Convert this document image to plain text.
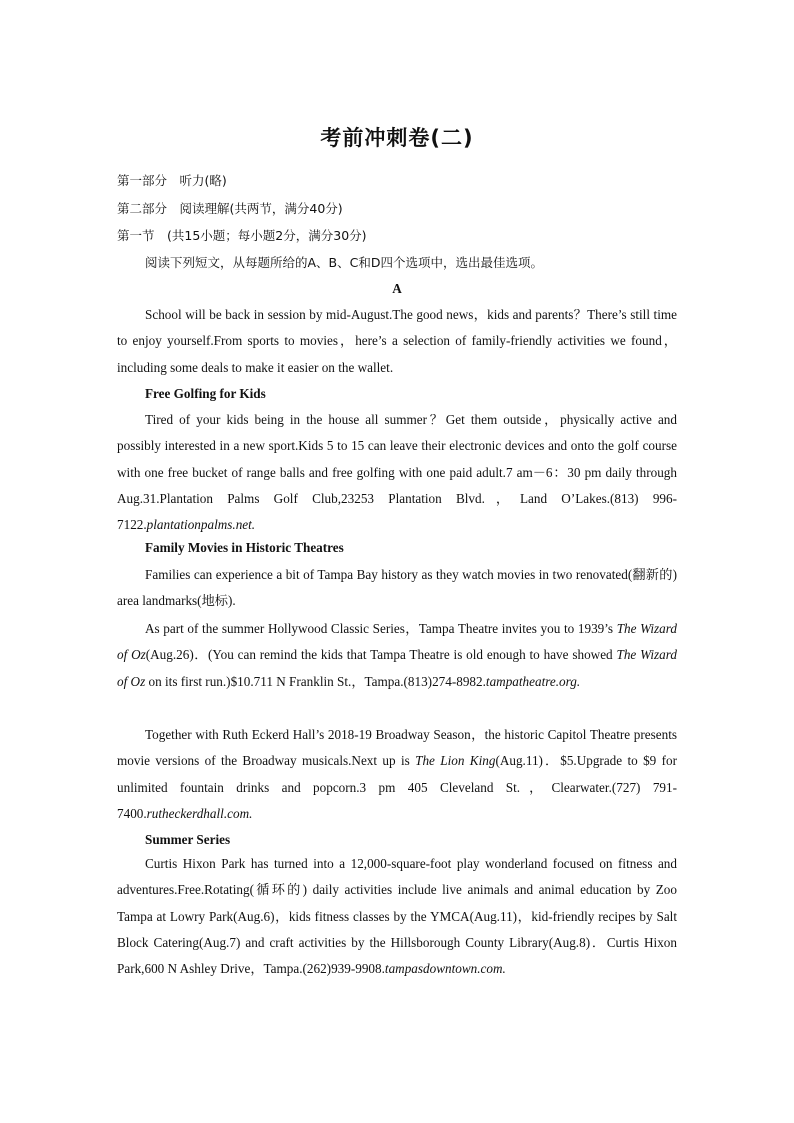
考前冲刺卷(二)
第一部分　听力(略)
第二部分　阅读理解(共两节，满分40分)
第一节　(共15小题；每小题2分，满分30分)
阅读下列短文，从每题所给的A、B、C和D四个选项中，选出最佳选项。
A
School will be back in session by mid-August.The good news，kids and parents？There’s still time to enjoy yourself.From sports to movies，here’s a selection of family-friendly activities we found，including some deals to make it easier on the wallet.
Free Golfing for Kids
Tired of your kids being in the house all summer？Get them outside，physically active and possibly interested in a new sport.Kids 5 to 15 can leave their electronic devices and onto the golf course with one free bucket of range balls and free golfing with one paid adult.7 am－6：30 pm daily through Aug.31.Plantation Palms Golf Club,23253 Plantation Blvd.，Land O’Lakes.(813) 996-7122.plantationpalms.net.
Family Movies in Historic Theatres
Families can experience a bit of Tampa Bay history as they watch movies in two renovated(翻新的) area landmarks(地标).
As part of the summer Hollywood Classic Series，Tampa Theatre invites you to 1939’s The Wizard of Oz(Aug.26)．(You can remind the kids that Tampa Theatre is old enough to have showed The Wizard of Oz on its first run.)$10.711 N Franklin St.，Tampa.(813)274-8982.tampatheatre.org.
Together with Ruth Eckerd Hall’s 2018-19 Broadway Season，the historic Capitol Theatre presents movie versions of the Broadway musicals.Next up is The Lion King(Aug.11)．$5.Upgrade to $9 for unlimited fountain drinks and popcorn.3 pm 405 Cleveland St.，Clearwater.(727) 791-7400.rutheckerdhall.com.
Summer Series
Curtis Hixon Park has turned into a 12,000-square-foot play wonderland focused on fitness and adventures.Free.Rotating(循环的) daily activities include live animals and animal education by Zoo Tampa at Lowry Park(Aug.6)，kids fitness classes by the YMCA(Aug.11)，kid-friendly recipes by Salt Block Catering(Aug.7) and craft activities by the Hillsborough County Library(Aug.8)．Curtis Hixon Park,600 N Ashley Drive，Tampa.(262)939-9908.tampasdowntown.com.
